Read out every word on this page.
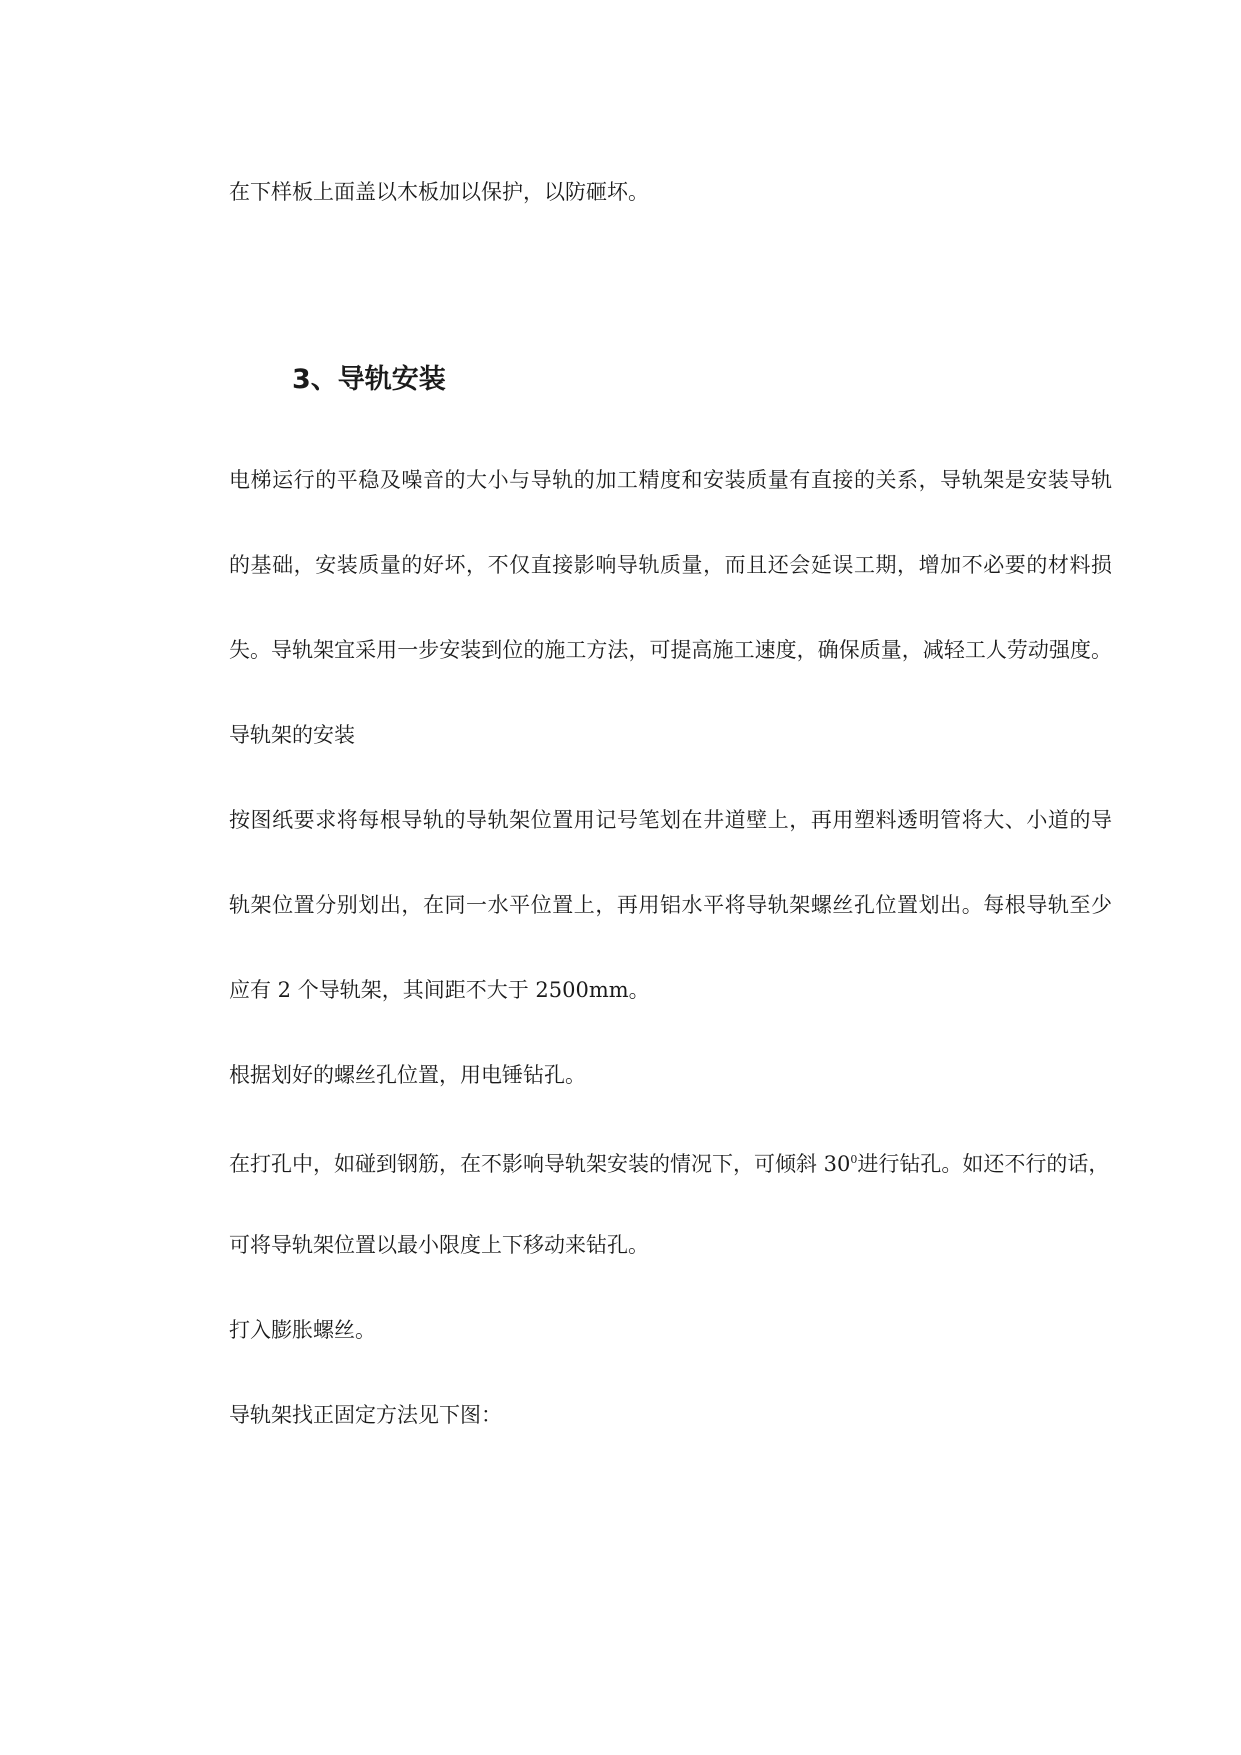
在下样板上面盖以木板加以保护，以防砸坏。
3、导轨安装
电梯运行的平稳及噪音的大小与导轨的加工精度和安装质量有直接的关系，导轨架是安装导轨
的基础，安装质量的好坏，不仅直接影响导轨质量，而且还会延误工期，增加不必要的材料损
失。导轨架宜采用一步安装到位的施工方法，可提高施工速度，确保质量，减轻工人劳动强度。
导轨架的安装
按图纸要求将每根导轨的导轨架位置用记号笔划在井道壁上，再用塑料透明管将大、小道的导
轨架位置分别划出，在同一水平位置上，再用铝水平将导轨架螺丝孔位置划出。每根导轨至少
应有 2 个导轨架，其间距不大于 2500mm。
根据划好的螺丝孔位置，用电锤钻孔。
在打孔中，如碰到钢筋，在不影响导轨架安装的情况下，可倾斜 $30^0$进行钻孔。如还不行的话，
可将导轨架位置以最小限度上下移动来钻孔。
打入膨胀螺丝。
导轨架找正固定方法见下图：
